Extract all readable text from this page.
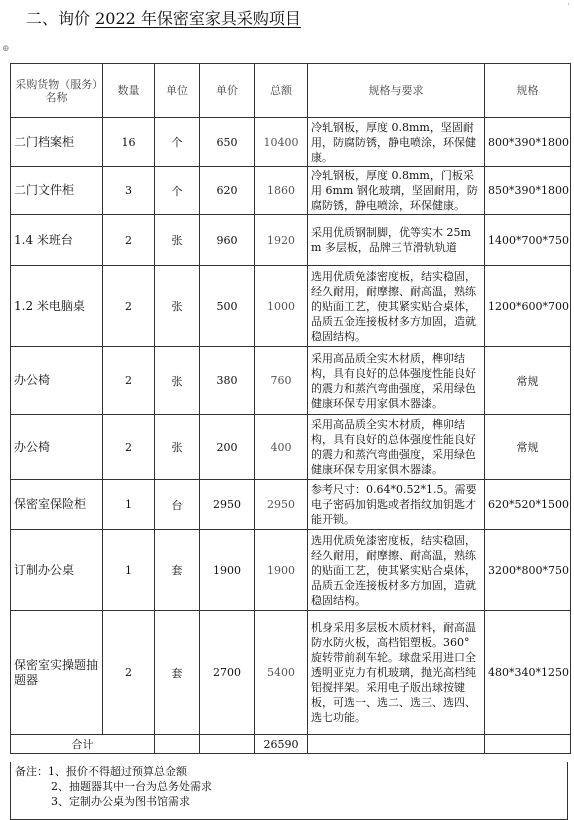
二、询价 2022 年保密室家具采购项目
·
⊕
采购货物（服务）名称	数量	单位	单价	总额	规格与要求	规格
二门档案柜	16	个	650	10400	冷轧钢板，厚度 0.8mm，坚固耐用，防腐防锈，静电喷涂，环保健康。	800*390*1800
二门文件柜	3	个	620	1860	冷轧钢板，厚度 0.8mm，门板采用 6mm 钢化玻璃，坚固耐用，防腐防锈，静电喷涂，环保健康。	850*390*1800
1.4 米班台	2	张	960	1920	采用优质钢制脚，优等实木 25mm 多层板，品牌三节滑轨轨道	1400*700*750
1.2 米电脑桌	2	张	500	1000	选用优质免漆密度板，结实稳固，经久耐用，耐摩擦、耐高温，熟练的贴面工艺，使其紧实贴合桌体，品质五金连接板材多方加固，造就稳固结构。	1200*600*700
办公椅	2	张	380	760	采用高品质全实木材质，榫卯结构，具有良好的总体强度性能良好的震力和蒸汽弯曲强度，采用绿色健康环保专用家俱木器漆。	常规
办公椅	2	张	200	400	采用高品质全实木材质，榫卯结构，具有良好的总体强度性能良好的震力和蒸汽弯曲强度，采用绿色健康环保专用家俱木器漆。	常规
保密室保险柜	1	台	2950	2950	参考尺寸：0.64*0.52*1.5。需要电子密码加钥匙或者指纹加钥匙才能开锁。	620*520*1500
订制办公桌	1	套	1900	1900	选用优质免漆密度板，结实稳固，经久耐用，耐摩擦、耐高温，熟练的贴面工艺，使其紧实贴合桌体，品质五金连接板材多方加固，造就稳固结构。	3200*800*750
保密室实操题抽题器	2	套	2700	5400	机身采用多层板木质材料，耐高温防水防火板，高档铝塑板。360° 旋转带前刹车轮。球盘采用进口全透明亚克力有机玻璃，抛光高档纯铝搅拌架。采用电子版出球按键板，可选一、选二、选三、选四、选七功能。	480*340*1250
合计				26590		
备注：1、报价不得超过预算总金额
2、抽题器其中一台为总务处需求
3、定制办公桌为图书馆需求
